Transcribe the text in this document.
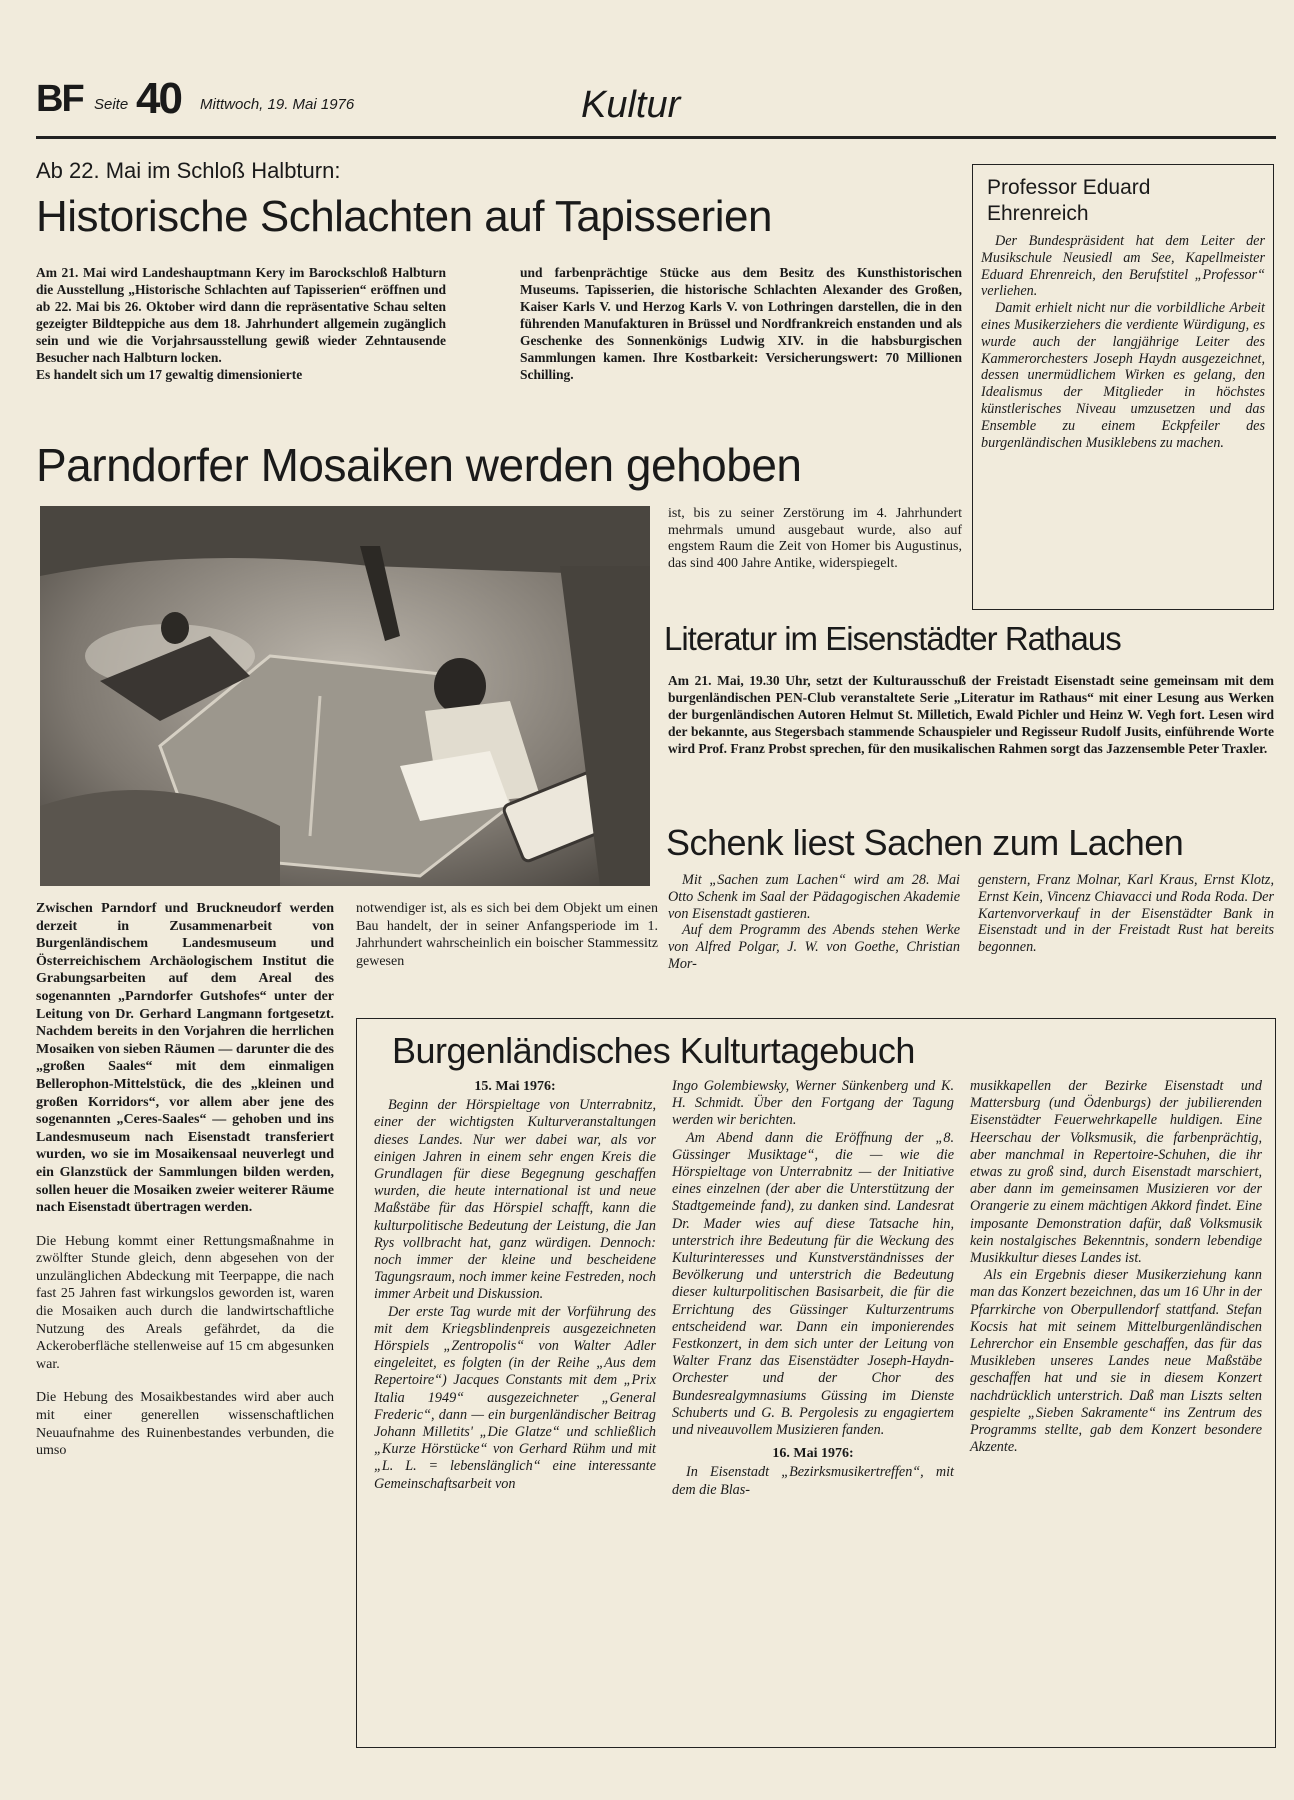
BF Seite 40 Mittwoch, 19. Mai 1976	Kultur
Ab 22. Mai im Schloß Halbturn:
Historische Schlachten auf Tapisserien

Am 21. Mai wird Landeshauptmann Kery im Barockschloß Halbturn die Ausstellung „Historische Schlachten auf Tapisserien“ eröffnen und ab 22. Mai bis 26. Oktober wird dann die repräsentative Schau selten gezeigter Bildteppiche aus dem 18. Jahrhundert allgemein zugänglich sein und wie die Vorjahrsausstellung gewiß wieder Zehntausende Besucher nach Halbturn locken.

Es handelt sich um 17 gewaltig dimensionierte

und farbenprächtige Stücke aus dem Besitz des Kunsthistorischen Museums. Tapisserien, die historische Schlachten Alexander des Großen, Kaiser Karls V. und Herzog Karls V. von Lothringen darstellen, die in den führenden Manufakturen in Brüssel und Nordfrankreich enstanden und als Geschenke des Sonnenkönigs Ludwig XIV. in die habsburgischen Sammlungen kamen. Ihre Kostbarkeit: Versicherungswert: 70 Millionen Schilling.

Professor Eduard Ehrenreich

Der Bundespräsident hat dem Leiter der Musikschule Neusiedl am See, Kapellmeister Eduard Ehrenreich, den Berufstitel „Professor“ verliehen.

Damit erhielt nicht nur die vorbildliche Arbeit eines Musikerziehers die verdiente Würdigung, es wurde auch der langjährige Leiter des Kammerorchesters Joseph Haydn ausgezeichnet, dessen unermüdlichem Wirken es gelang, den Idealismus der Mitglieder in höchstes künstlerisches Niveau umzusetzen und das Ensemble zu einem Eckpfeiler des burgenländischen Musiklebens zu machen.

Parndorfer Mosaiken werden gehoben

ist, bis zu seiner Zerstörung im 4. Jahrhundert mehrmals umund ausgebaut wurde, also auf engstem Raum die Zeit von Homer bis Augustinus, das sind 400 Jahre Antike, widerspiegelt.

Zwischen Parndorf und Bruckneudorf werden derzeit in Zusammenarbeit von Burgenländischem Landesmuseum und Österreichischem Archäologischem Institut die Grabungsarbeiten auf dem Areal des sogenannten „Parndorfer Gutshofes“ unter der Leitung von Dr. Gerhard Langmann fortgesetzt. Nachdem bereits in den Vorjahren die herrlichen Mosaiken von sieben Räumen — darunter die des „großen Saales“ mit dem einmaligen Bellerophon-Mittelstück, die des „kleinen und großen Korridors“, vor allem aber jene des sogenannten „Ceres-Saales“ — gehoben und ins Landesmuseum nach Eisenstadt transferiert wurden, wo sie im Mosaikensaal neuverlegt und ein Glanzstück der Sammlungen bilden werden, sollen heuer die Mosaiken zweier weiterer Räume nach Eisenstadt übertragen werden.

Die Hebung kommt einer Rettungsmaßnahme in zwölfter Stunde gleich, denn abgesehen von der unzulänglichen Abdeckung mit Teerpappe, die nach fast 25 Jahren fast wirkungslos geworden ist, waren die Mosaiken auch durch die landwirtschaftliche Nutzung des Areals gefährdet, da die Ackeroberfläche stellenweise auf 15 cm abgesunken war.

Die Hebung des Mosaikbestandes wird aber auch mit einer generellen wissenschaftlichen Neuaufnahme des Ruinenbestandes verbunden, die umso

notwendiger ist, als es sich bei dem Objekt um einen Bau handelt, der in seiner Anfangsperiode im 1. Jahrhundert wahrscheinlich ein boischer Stammessitz gewesen

Literatur im Eisenstädter Rathaus

Am 21. Mai, 19.30 Uhr, setzt der Kulturausschuß der Freistadt Eisenstadt seine gemeinsam mit dem burgenländischen PEN-Club veranstaltete Serie „Literatur im Rathaus“ mit einer Lesung aus Werken der burgenländischen Autoren Helmut St. Milletich, Ewald Pichler und Heinz W. Vegh fort. Lesen wird der bekannte, aus Stegersbach stammende Schauspieler und Regisseur Rudolf Jusits, einführende Worte wird Prof. Franz Probst sprechen, für den musikalischen Rahmen sorgt das Jazzensemble Peter Traxler.

Schenk liest Sachen zum Lachen

Mit „Sachen zum Lachen“ wird am 28. Mai Otto Schenk im Saal der Pädagogischen Akademie von Eisenstadt gastieren.

Auf dem Programm des Abends stehen Werke von Alfred Polgar, J. W. von Goethe, Christian Mor-

genstern, Franz Molnar, Karl Kraus, Ernst Klotz, Ernst Kein, Vincenz Chiavacci und Roda Roda. Der Kartenvorverkauf in der Eisenstädter Bank in Eisenstadt und in der Freistadt Rust hat bereits begonnen.

Burgenländisches Kulturtagebuch

15. Mai 1976:

Beginn der Hörspieltage von Unterrabnitz, einer der wichtigsten Kulturveranstaltungen dieses Landes. Nur wer dabei war, als vor einigen Jahren in einem sehr engen Kreis die Grundlagen für diese Begegnung geschaffen wurden, die heute international ist und neue Maßstäbe für das Hörspiel schafft, kann die kulturpolitische Bedeutung der Leistung, die Jan Rys vollbracht hat, ganz würdigen. Dennoch: noch immer der kleine und bescheidene Tagungsraum, noch immer keine Festreden, noch immer Arbeit und Diskussion.

Der erste Tag wurde mit der Vorführung des mit dem Kriegsblindenpreis ausgezeichneten Hörspiels „Zentropolis“ von Walter Adler eingeleitet, es folgten (in der Reihe „Aus dem Repertoire“) Jacques Constants mit dem „Prix Italia 1949“ ausgezeichneter „General Frederic“, dann — ein burgenländischer Beitrag Johann Milletits' „Die Glatze“ und schließlich „Kurze Hörstücke“ von Gerhard Rühm und mit „L. L. = lebenslänglich“ eine interessante Gemeinschaftsarbeit von

Ingo Golembiewsky, Werner Sünkenberg und K. H. Schmidt. Über den Fortgang der Tagung werden wir berichten.

Am Abend dann die Eröffnung der „8. Güssinger Musiktage“, die — wie die Hörspieltage von Unterrabnitz — der Initiative eines einzelnen (der aber die Unterstützung der Stadtgemeinde fand), zu danken sind. Landesrat Dr. Mader wies auf diese Tatsache hin, unterstrich ihre Bedeutung für die Weckung des Kulturinteresses und Kunstverständnisses der Bevölkerung und unterstrich die Bedeutung dieser kulturpolitischen Basisarbeit, die für die Errichtung des Güssinger Kulturzentrums entscheidend war. Dann ein imponierendes Festkonzert, in dem sich unter der Leitung von Walter Franz das Eisenstädter Joseph-Haydn-Orchester und der Chor des Bundesrealgymnasiums Güssing im Dienste Schuberts und G. B. Pergolesis zu engagiertem und niveauvollem Musizieren fanden.

16. Mai 1976:

In Eisenstadt „Bezirksmusikertreffen“, mit dem die Blas-

musikkapellen der Bezirke Eisenstadt und Mattersburg (und Ödenburgs) der jubilierenden Eisenstädter Feuerwehrkapelle huldigen. Eine Heerschau der Volksmusik, die farbenprächtig, aber manchmal in Repertoire-Schuhen, die ihr etwas zu groß sind, durch Eisenstadt marschiert, aber dann im gemeinsamen Musizieren vor der Orangerie zu einem mächtigen Akkord findet. Eine imposante Demonstration dafür, daß Volksmusik kein nostalgisches Bekenntnis, sondern lebendige Musikkultur dieses Landes ist.

Als ein Ergebnis dieser Musikerziehung kann man das Konzert bezeichnen, das um 16 Uhr in der Pfarrkirche von Oberpullendorf stattfand. Stefan Kocsis hat mit seinem Mittelburgenländischen Lehrerchor ein Ensemble geschaffen, das für das Musikleben unseres Landes neue Maßstäbe geschaffen hat und sie in diesem Konzert nachdrücklich unterstrich. Daß man Liszts selten gespielte „Sieben Sakramente“ ins Zentrum des Programms stellte, gab dem Konzert besondere Akzente.
